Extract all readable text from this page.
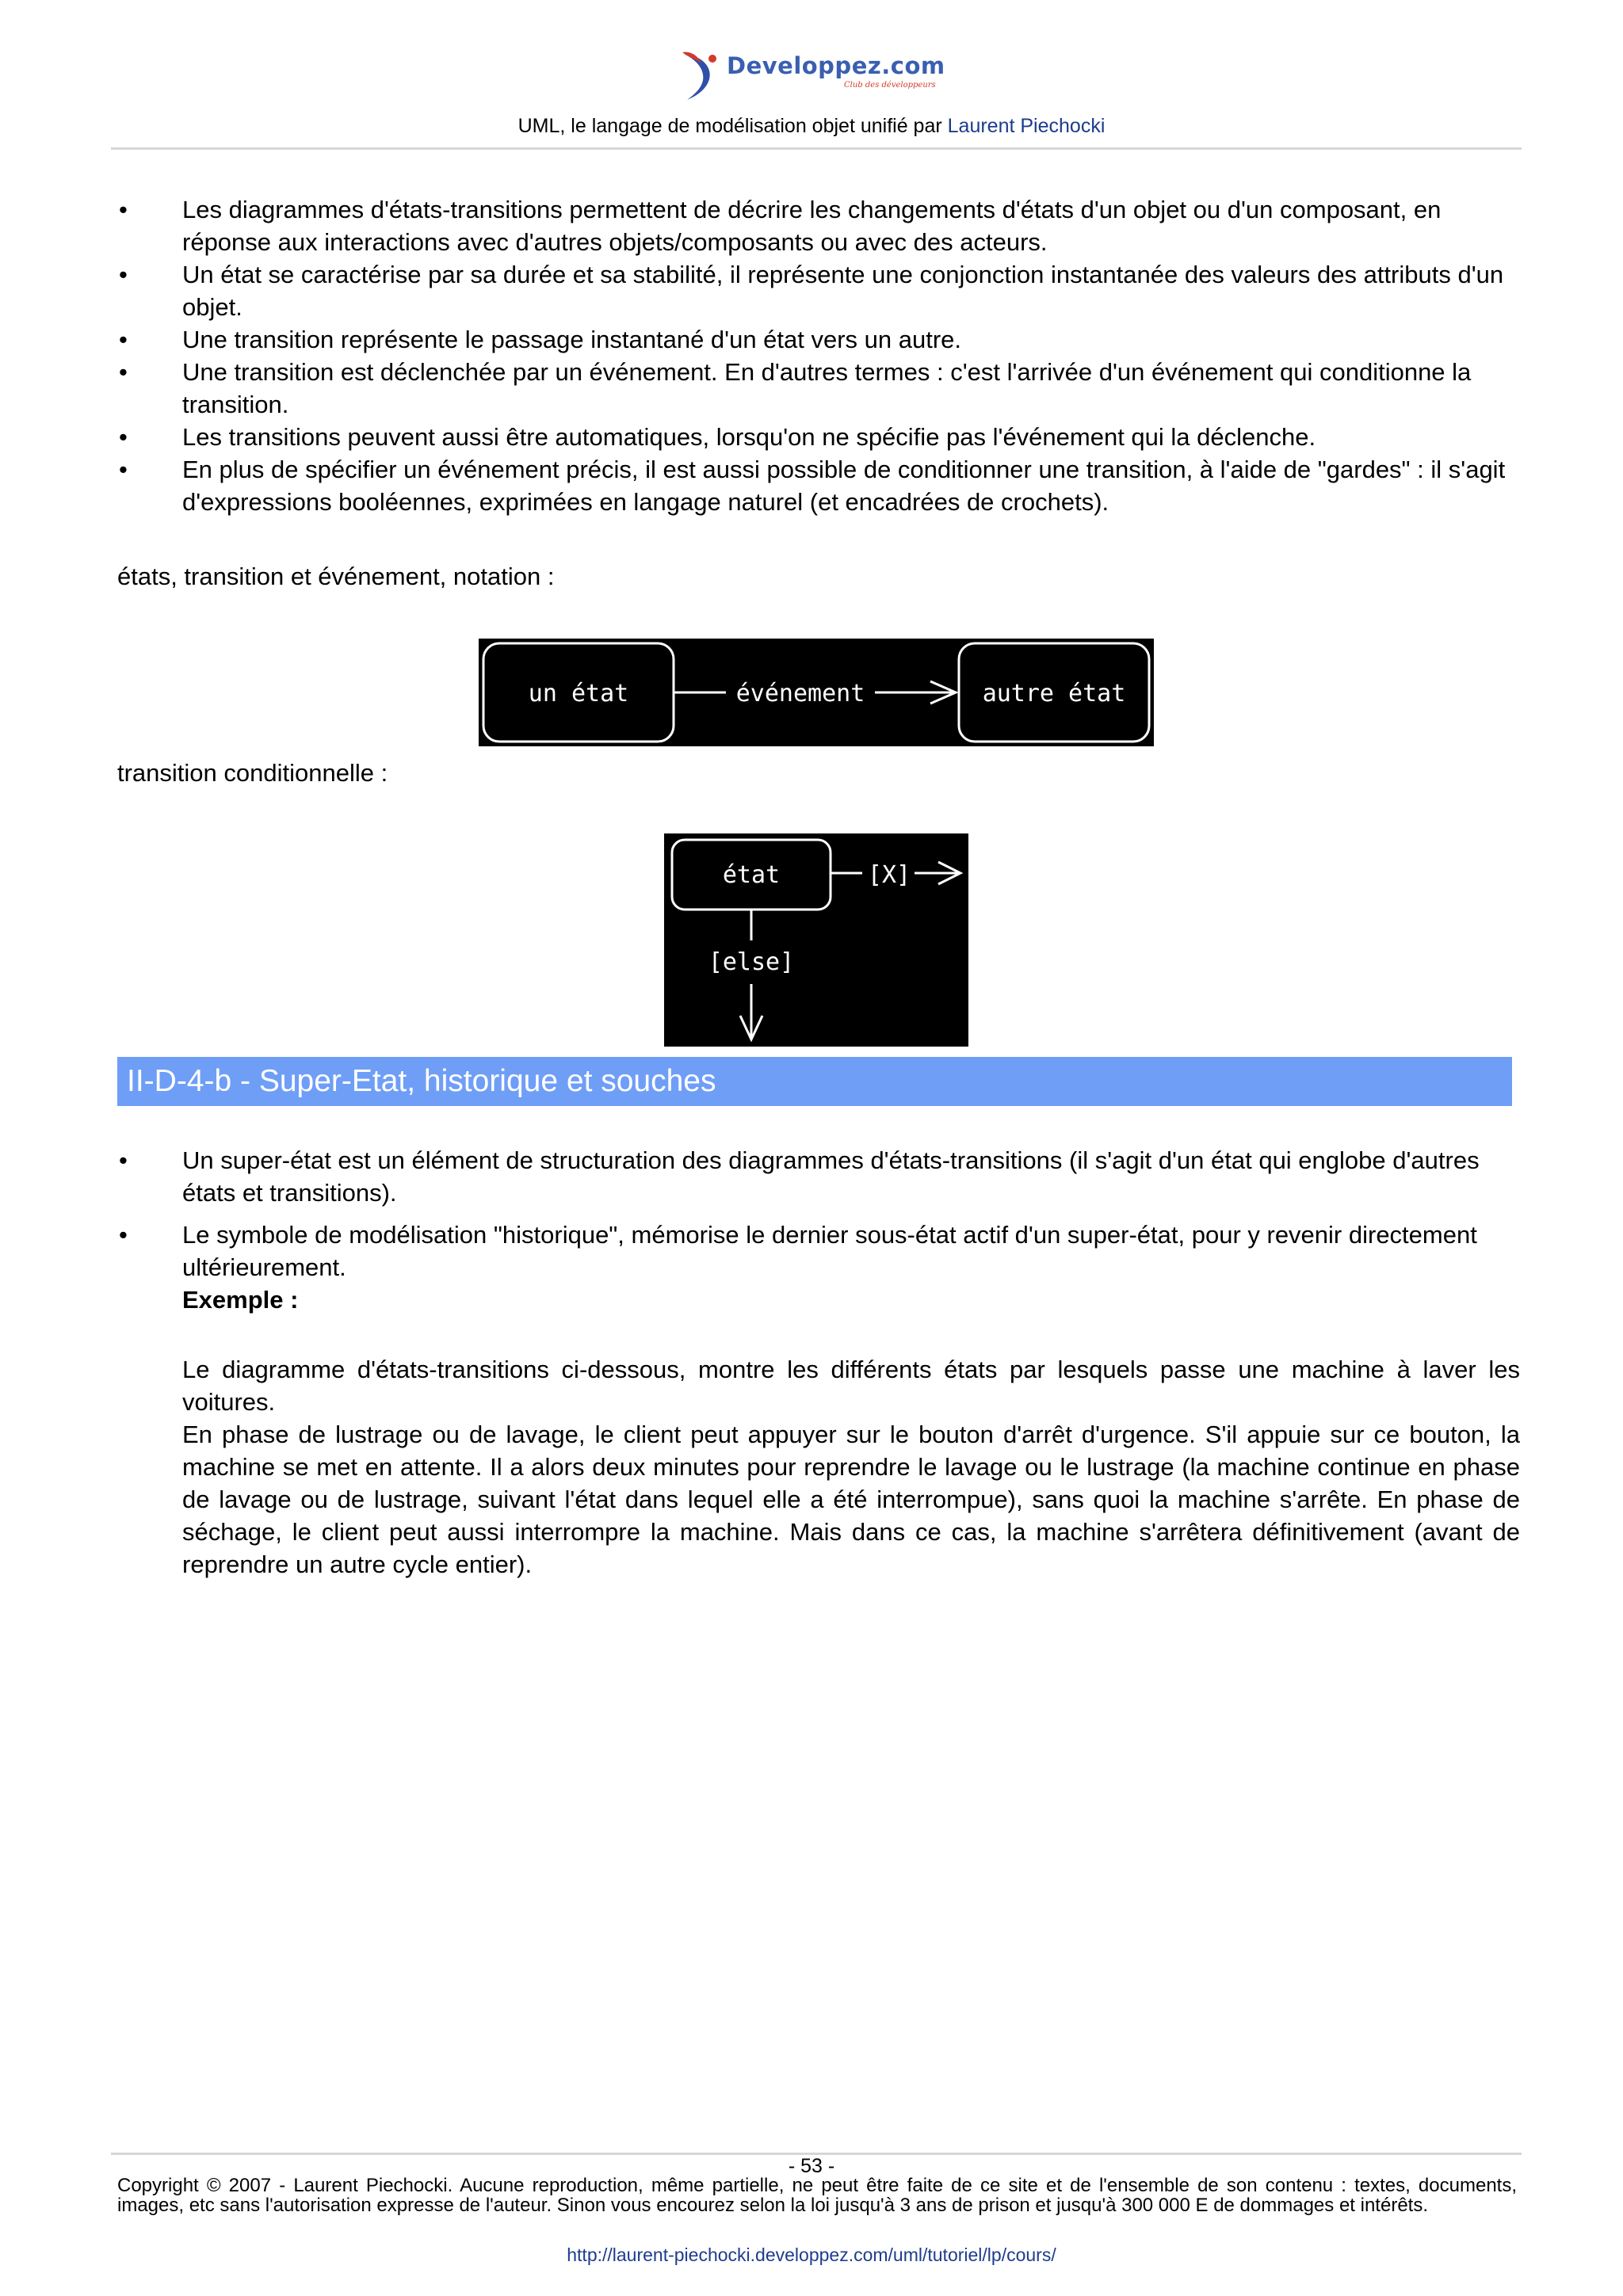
Developpez.com
Club des développeurs
UML, le langage de modélisation objet unifié par Laurent Piechocki
• Les diagrammes d'états-transitions permettent de décrire les changements d'états d'un objet ou d'un composant, en réponse aux interactions avec d'autres objets/composants ou avec des acteurs.
• Un état se caractérise par sa durée et sa stabilité, il représente une conjonction instantanée des valeurs des attributs d'un objet.
• Une transition représente le passage instantané d'un état vers un autre.
• Une transition est déclenchée par un événement. En d'autres termes : c'est l'arrivée d'un événement qui conditionne la transition.
• Les transitions peuvent aussi être automatiques, lorsqu'on ne spécifie pas l'événement qui la déclenche.
• En plus de spécifier un événement précis, il est aussi possible de conditionner une transition, à l'aide de "gardes" : il s'agit d'expressions booléennes, exprimées en langage naturel (et encadrées de crochets).
états, transition et événement, notation :
un état	événement	autre état
transition conditionnelle :
état	[X]
[else]
II-D-4-b - Super-Etat, historique et souches
• Un super-état est un élément de structuration des diagrammes d'états-transitions (il s'agit d'un état qui englobe d'autres états et transitions).
• Le symbole de modélisation "historique", mémorise le dernier sous-état actif d'un super-état, pour y revenir directement ultérieurement.
Exemple :
Le diagramme d'états-transitions ci-dessous, montre les différents états par lesquels passe une machine à laver les voitures.
En phase de lustrage ou de lavage, le client peut appuyer sur le bouton d'arrêt d'urgence. S'il appuie sur ce bouton, la machine se met en attente. Il a alors deux minutes pour reprendre le lavage ou le lustrage (la machine continue en phase de lavage ou de lustrage, suivant l'état dans lequel elle a été interrompue), sans quoi la machine s'arrête. En phase de séchage, le client peut aussi interrompre la machine. Mais dans ce cas, la machine s'arrêtera définitivement (avant de reprendre un autre cycle entier).
- 53 -
Copyright © 2007 - Laurent Piechocki. Aucune reproduction, même partielle, ne peut être faite de ce site et de l'ensemble de son contenu : textes, documents, images, etc sans l'autorisation expresse de l'auteur. Sinon vous encourez selon la loi jusqu'à 3 ans de prison et jusqu'à 300 000 E de dommages et intérêts.
http://laurent-piechocki.developpez.com/uml/tutoriel/lp/cours/
